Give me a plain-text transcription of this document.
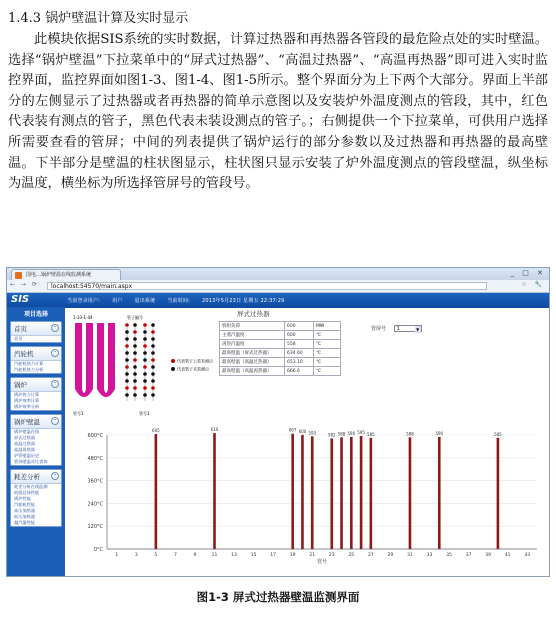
1.4.3 锅炉壁温计算及实时显示

此模块依据SIS系统的实时数据，计算过热器和再热器各管段的最危险点处的实时壁温。选择“锅炉壁温”下拉菜单中的“屏式过热器”、“高温过热器”、“高温再热器”即可进入实时监控界面，监控界面如图1-3、图1-4、图1-5所示。整个界面分为上下两个大部分。界面上半部分的左侧显示了过热器或者再热器的简单示意图以及安装炉外温度测点的管段，其中，红色代表装有测点的管子，黑色代表未装设测点的管子。；右侧提供一个下拉菜单，可供用户选择所需要查看的管屏；中间的列表提供了锅炉运行的部分参数以及过热器和再热器的最高壁温。下半部分是壁温的柱状图显示，柱状图只显示安装了炉外温度测点的管段壁温，纵坐标为温度，横坐标为所选择管屏号的管段号。

国电…锅炉壁温在线监测系统	_ □ ✕
← → ⟳	localhost:54570/main.aspx	☆ 🔧
SIS	当前登录用户: 用户 退出系统 当前时间: 2013年5月23日 星期五 22:37:29
项目选择
首页	⌃
首页
汽轮机	⌃
汽轮机热力计算
汽轮机热力分析
锅炉	⌃
锅炉热力计算
锅炉效率计算
锅炉效率分析
锅炉壁温	⌃
锅炉壁温在线
屏式过热器
高温过热器
高温再热器
炉管壁温历史
管屏壁温对比查询
耗差分析	⌃
耗差分析在线监测
机组总体性能
锅炉性能
汽轮机性能
高压加热器
低压加热器
凝汽器性能
1-33-1-44	管子编号
代表管子上装有测点
代表管子未装测点
管号1	管号1
屏式过热器
机组负荷	600	MW
主蒸汽温度	600	℃
再热汽温度	558	℃
最高壁温（屏式过热器）	634.60	℃
最高壁温（高温过热器）	653.10	℃
最高壁温（高温再热器）	666.6	℃
管屏号 1	▼
0°C
120°C
240°C
360°C
480°C
600°C
1	3	5	7	9	11	13	15	17	19	21	23	25	27	29	31	33	35	37	39	41	43
605	610	607 600 593	582 588 590 595 585	588	590	585
管号
图1-3 屏式过热器壁温监测界面
